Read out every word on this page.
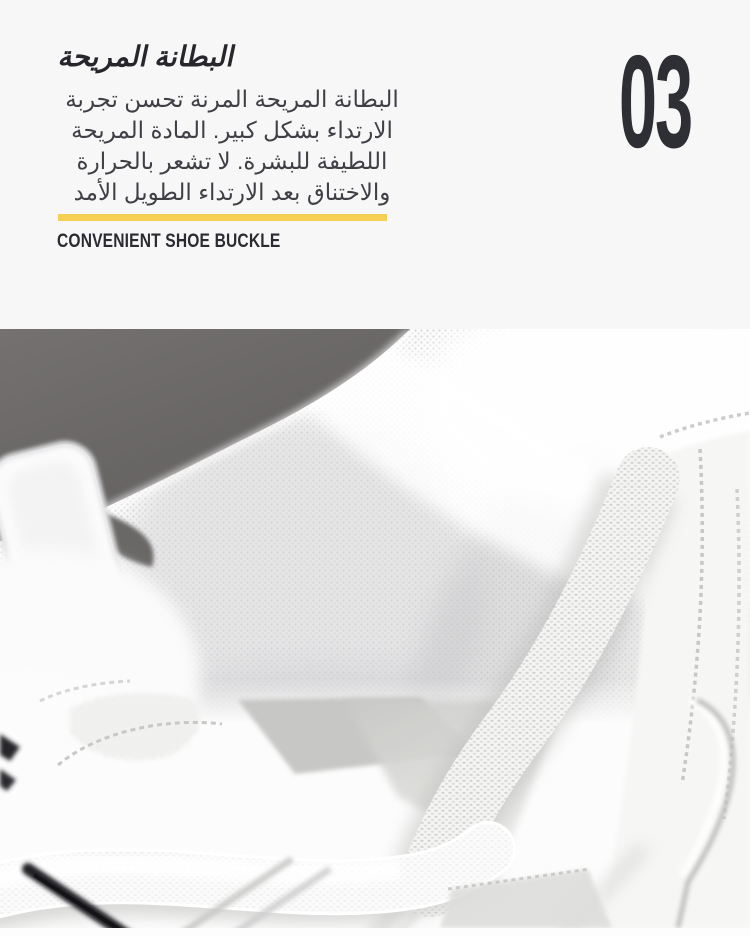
البطانة المريحة
البطانة المريحة المرنة تحسن تجربة
الارتداء بشكل كبير. المادة المريحة
اللطيفة للبشرة. لا تشعر بالحرارة
والاختناق بعد الارتداء الطويل الأمد
CONVENIENT SHOE BUCKLE
03
